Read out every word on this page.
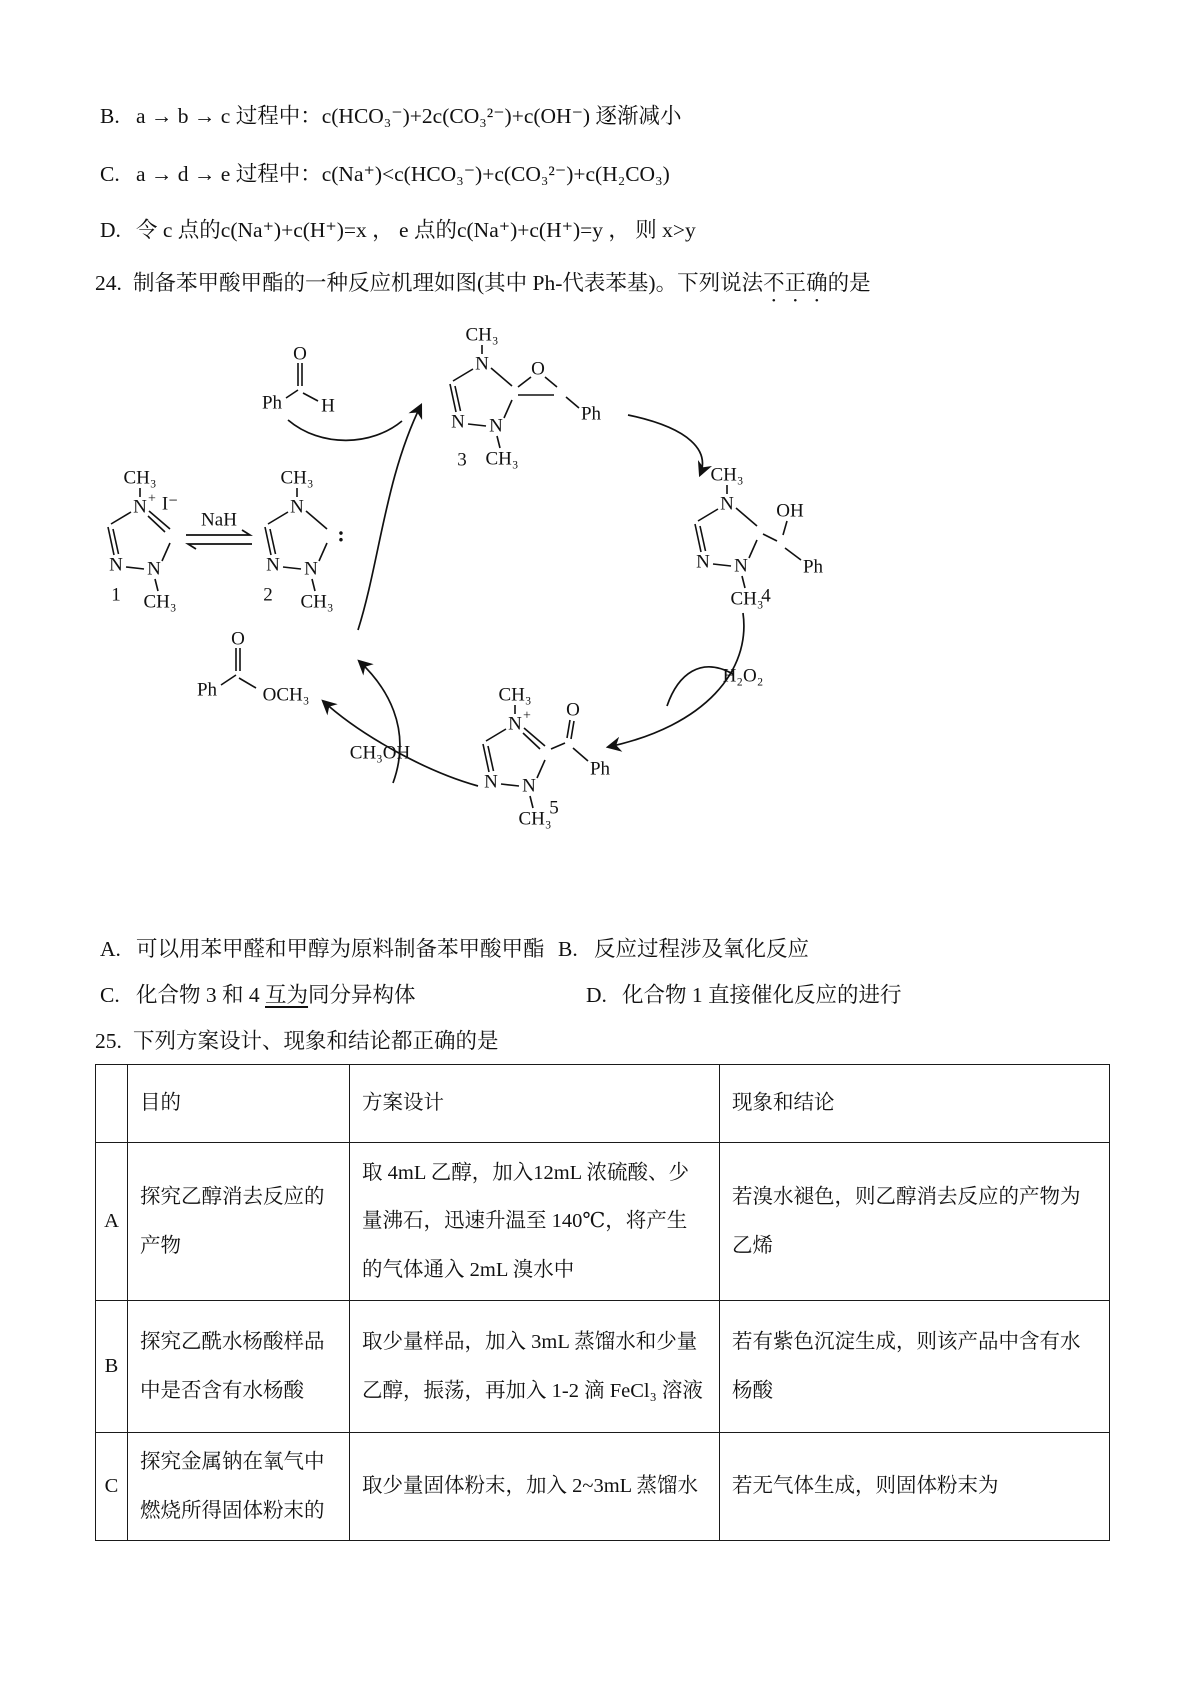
B. a → b → c 过程中：c(HCO₃⁻)+2c(CO₃²⁻)+c(OH⁻) 逐渐减小
C. a → d → e 过程中：c(Na⁺)<c(HCO₃⁻)+c(CO₃²⁻)+c(H₂CO₃)
D. 令 c 点的c(Na⁺)+c(H⁺)=x ， e 点的c(Na⁺)+c(H⁺)=y ， 则 x>y
24. 制备苯甲酸甲酯的一种反应机理如图(其中 Ph-代表苯基)。下列说法不正确的是
N
N	N
CH₃
CH₃
+ I⁻
1
NaH
:
2
Ph
O
H
O
Ph
3
OH
Ph
4
+ O
Ph
5
Ph
O
OCH₃
CH₃OH
H₂O₂
A. 可以用苯甲醛和甲醇为原料制备苯甲酸甲酯 B. 反应过程涉及氧化反应
C. 化合物 3 和 4 互为同分异构体	D. 化合物 1 直接催化反应的进行
25. 下列方案设计、现象和结论都正确的是
	目的	方案设计	现象和结论
A	探究乙醇消去反应的产物	取 4mL 乙醇，加入12mL 浓硫酸、少量沸石，迅速升温至 140℃，将产生的气体通入 2mL 溴水中	若溴水褪色，则乙醇消去反应的产物为乙烯
B	探究乙酰水杨酸样品中是否含有水杨酸	取少量样品，加入 3mL 蒸馏水和少量乙醇，振荡，再加入 1-2 滴 FeCl₃ 溶液	若有紫色沉淀生成，则该产品中含有水杨酸
C	探究金属钠在氧气中燃烧所得固体粉末的	取少量固体粉末，加入 2~3mL 蒸馏水	若无气体生成，则固体粉末为
